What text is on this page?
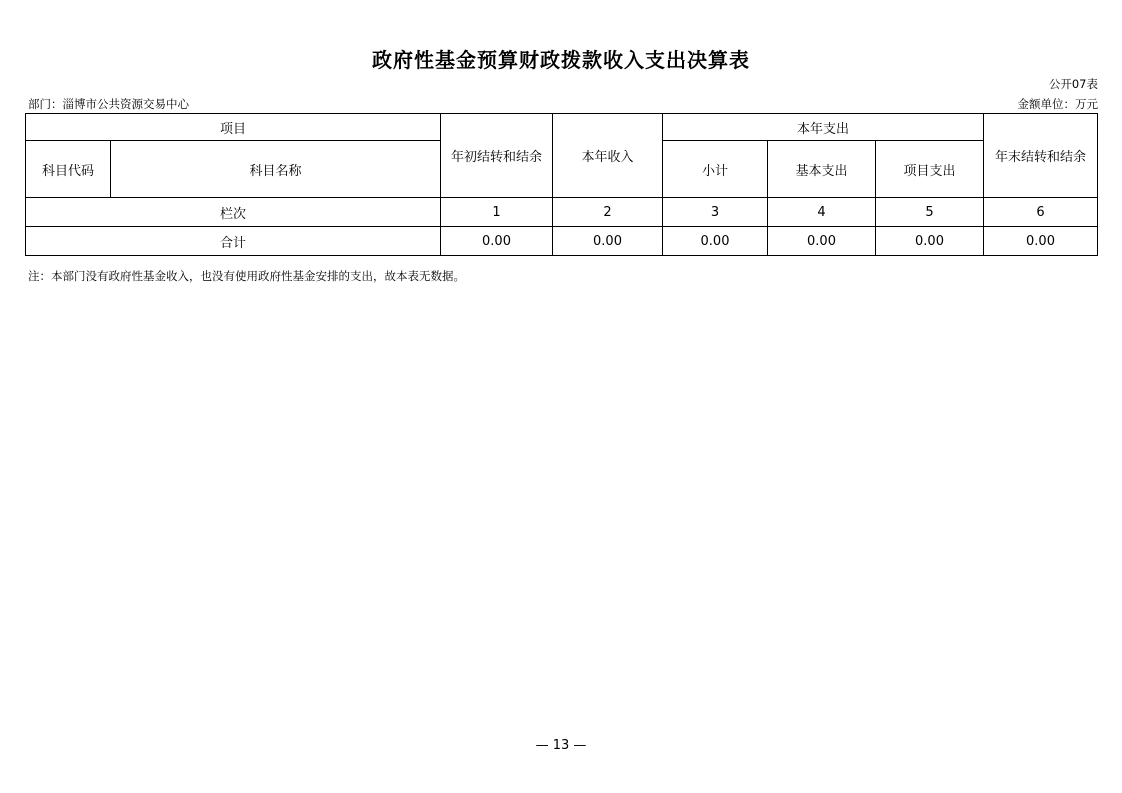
政府性基金预算财政拨款收入支出决算表
公开07表
部门：淄博市公共资源交易中心	金额单位：万元
项目		年初结转和结余	本年收入	本年支出			年末结转和结余
科目代码	科目名称			小计	基本支出	项目支出	
栏次		1	2	3	4	5	6
合计		0.00	0.00	0.00	0.00	0.00	0.00
注：本部门没有政府性基金收入，也没有使用政府性基金安排的支出，故本表无数据。
— 13 —
